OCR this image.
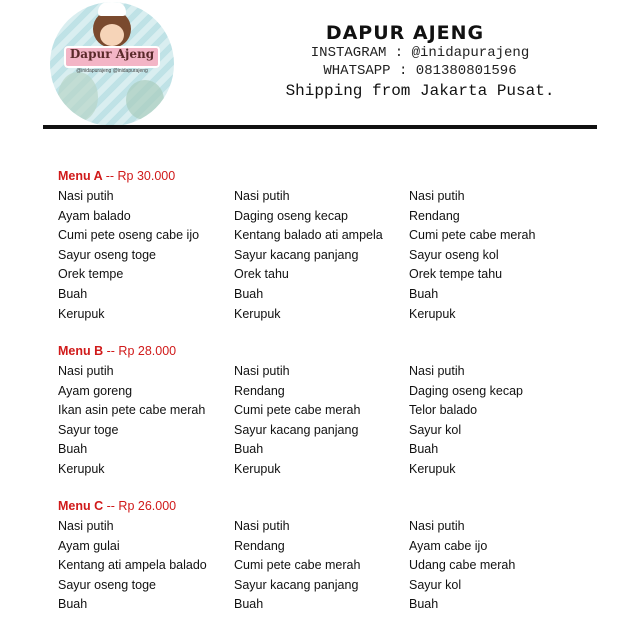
Dapur Ajeng
@inidapurajeng @inidapurajeng
DAPUR AJENG
INSTAGRAM : @inidapurajeng
WHATSAPP : 081380801596
Shipping from Jakarta Pusat.
Menu A -- Rp 30.000
Nasi putih
Ayam balado
Cumi pete oseng cabe ijo
Sayur oseng toge
Orek tempe
Buah
Kerupuk
Nasi putih
Daging oseng kecap
Kentang balado ati ampela
Sayur kacang panjang
Orek tahu
Buah
Kerupuk
Nasi putih
Rendang
Cumi pete cabe merah
Sayur oseng kol
Orek tempe tahu
Buah
Kerupuk
Menu B -- Rp 28.000
Nasi putih
Ayam goreng
Ikan asin pete cabe merah
Sayur toge
Buah
Kerupuk
Nasi putih
Rendang
Cumi pete cabe merah
Sayur kacang panjang
Buah
Kerupuk
Nasi putih
Daging oseng kecap
Telor balado
Sayur kol
Buah
Kerupuk
Menu C -- Rp 26.000
Nasi putih
Ayam gulai
Kentang ati ampela balado
Sayur oseng toge
Buah
Nasi putih
Rendang
Cumi pete cabe merah
Sayur kacang panjang
Buah
Nasi putih
Ayam cabe ijo
Udang cabe merah
Sayur kol
Buah
